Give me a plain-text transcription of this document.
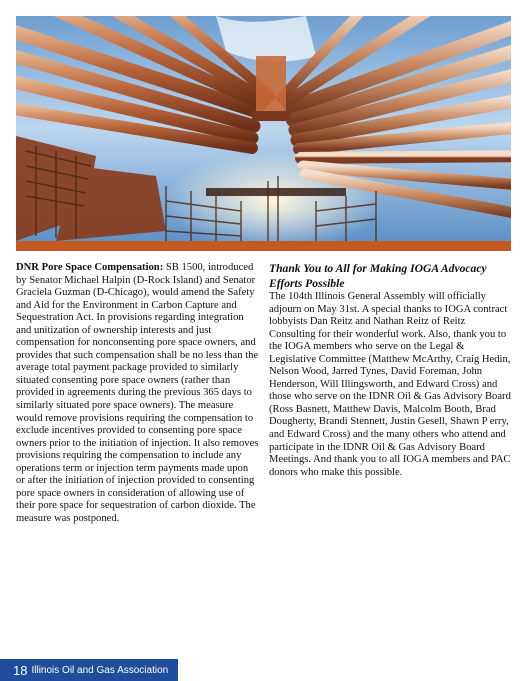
DNR Pore Space Compensation: SB 1500, introduced by Senator Michael Halpin (D-Rock Island) and Senator Graciela Guzman (D-Chicago), would amend the Safety and Aid for the Environment in Carbon Capture and Sequestration Act. In provisions regarding integration and unitization of ownership interests and just compensation for nonconsenting pore space owners, and provides that such compensation shall be no less than the average total payment package provided to similarly situated consenting pore space owners (rather than provided in agreements during the previous 365 days to similarly situated pore space owners). The measure would remove provisions requiring the compensation to exclude incentives provided to consenting pore space owners prior to the initiation of injection. It also removes provisions requiring the compensation to include any operations term or injection term payments made upon or after the initiation of injection provided to consenting pore space owners in consideration of allowing use of their pore space for sequestration of carbon dioxide. The measure was postponed.

Thank You to All for Making IOGA Advocacy Efforts Possible

The 104th Illinois General Assembly will officially adjourn on May 31st. A special thanks to IOGA contract lobbyists Dan Reitz and Nathan Reitz of Reitz Consulting for their wonderful work. Also, thank you to the IOGA members who serve on the Legal & Legislative Committee (Matthew McArthy, Craig Hedin, Nelson Wood, Jarred Tynes, David Foreman, John Henderson, Will Illingsworth, and Edward Cross) and those who serve on the IDNR Oil & Gas Advisory Board (Ross Basnett, Matthew Davis, Malcolm Booth, Brad Dougherty, Brandi Stennett, Justin Gesell, Shawn P erry, and Edward Cross) and the many others who attend and participate in the IDNR Oil & Gas Advisory Board Meetings. And thank you to all IOGA members and PAC donors who make this possible.

18 Illinois Oil and Gas Association
